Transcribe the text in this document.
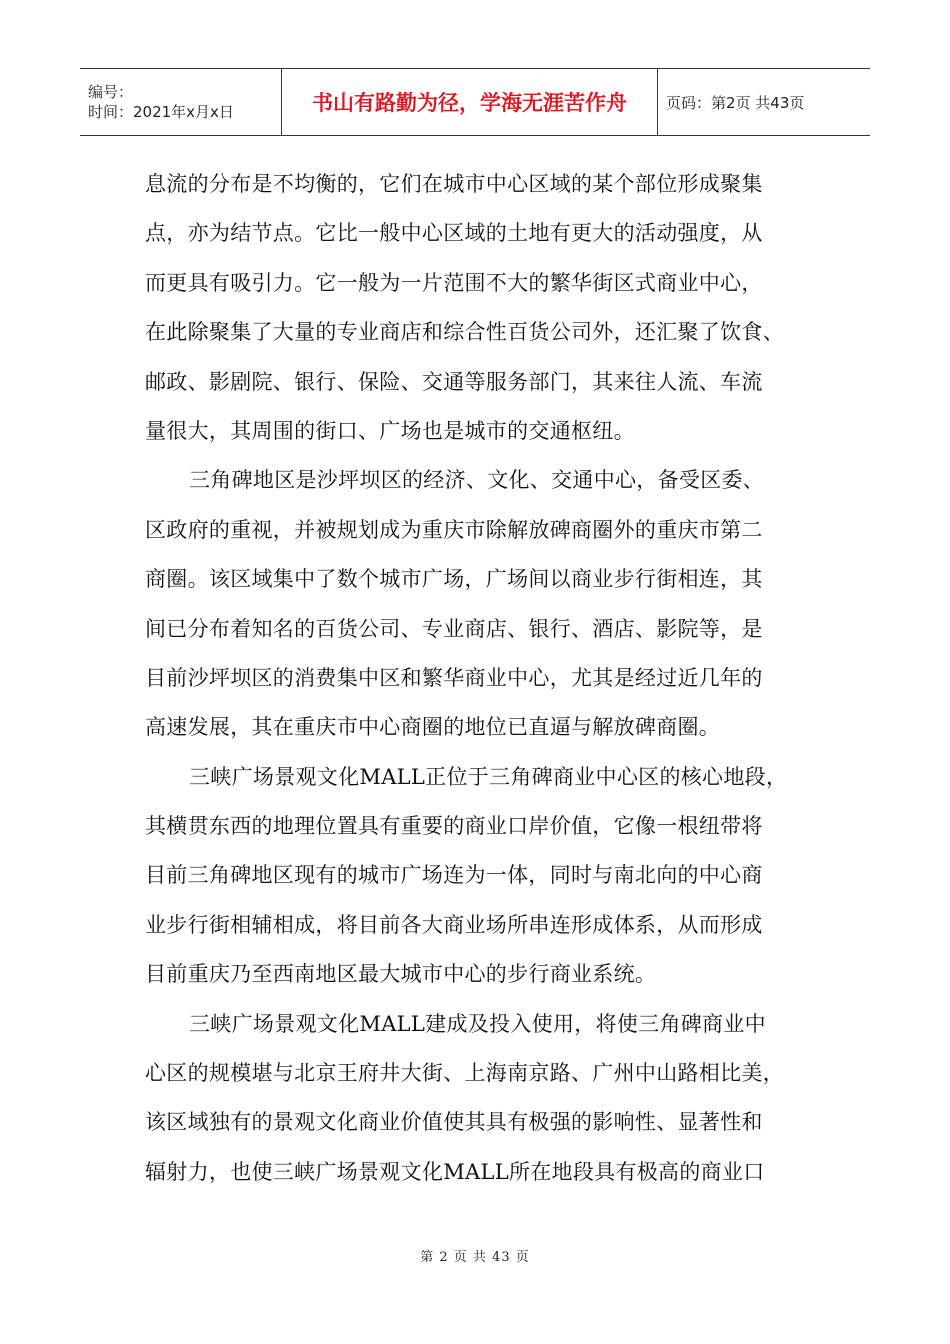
编号：
时间：2021年x月x日	书山有路勤为径，学海无涯苦作舟	页码：第2页 共43页
息流的分布是不均衡的，它们在城市中心区域的某个部位形成聚集
点，亦为结节点。它比一般中心区域的土地有更大的活动强度，从
而更具有吸引力。它一般为一片范围不大的繁华街区式商业中心，
在此除聚集了大量的专业商店和综合性百货公司外，还汇聚了饮食、
邮政、影剧院、银行、保险、交通等服务部门，其来往人流、车流
量很大，其周围的街口、广场也是城市的交通枢纽。
三角碑地区是沙坪坝区的经济、文化、交通中心，备受区委、
区政府的重视，并被规划成为重庆市除解放碑商圈外的重庆市第二
商圈。该区域集中了数个城市广场，广场间以商业步行街相连，其
间已分布着知名的百货公司、专业商店、银行、酒店、影院等，是
目前沙坪坝区的消费集中区和繁华商业中心，尤其是经过近几年的
高速发展，其在重庆市中心商圈的地位已直逼与解放碑商圈。
三峡广场景观文化MALL正位于三角碑商业中心区的核心地段，
其横贯东西的地理位置具有重要的商业口岸价值，它像一根纽带将
目前三角碑地区现有的城市广场连为一体，同时与南北向的中心商
业步行街相辅相成，将目前各大商业场所串连形成体系，从而形成
目前重庆乃至西南地区最大城市中心的步行商业系统。
三峡广场景观文化MALL建成及投入使用，将使三角碑商业中
心区的规模堪与北京王府井大街、上海南京路、广州中山路相比美，
该区域独有的景观文化商业价值使其具有极强的影响性、显著性和
辐射力，也使三峡广场景观文化MALL所在地段具有极高的商业口
第 2 页 共 43 页
